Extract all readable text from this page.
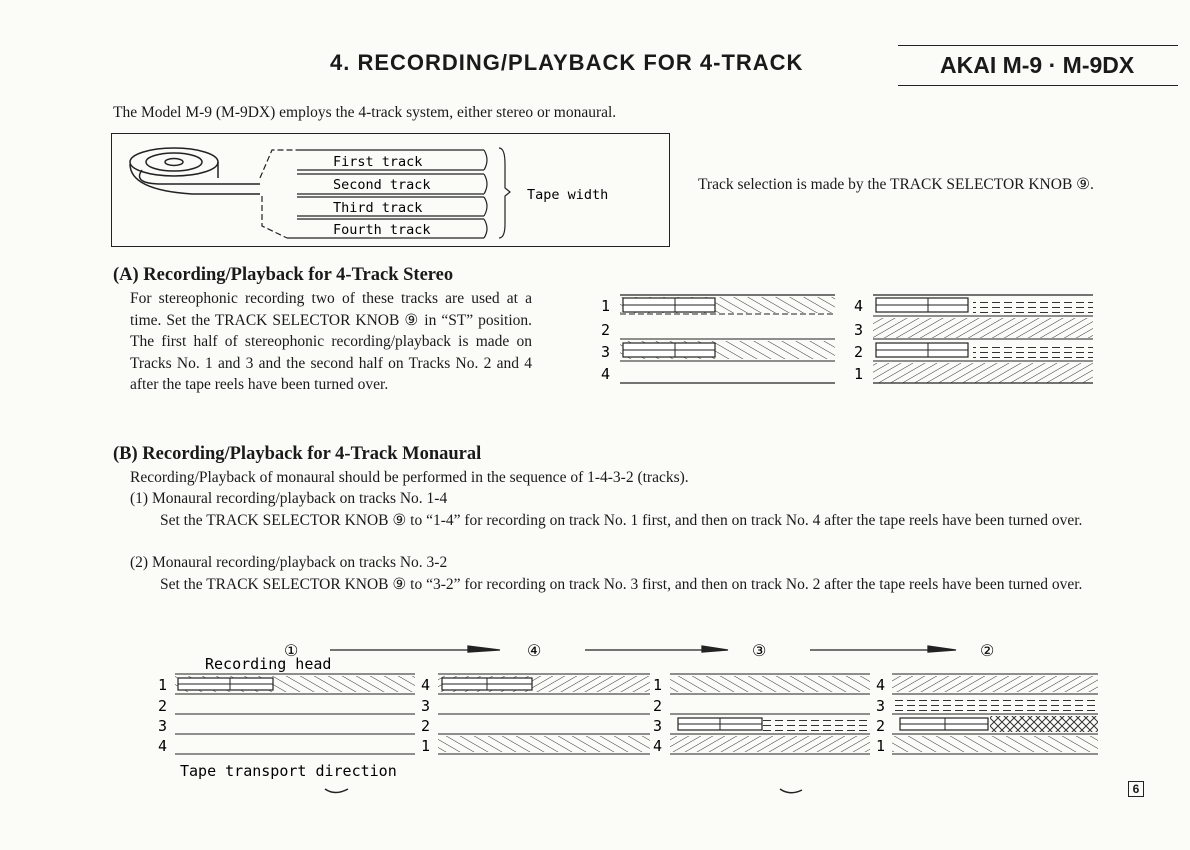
4. RECORDING/PLAYBACK FOR 4-TRACK	AKAI M-9 · M-9DX
The Model M-9 (M-9DX) employs the 4-track system, either stereo or monaural.
First track
Second track
Third track
Fourth track
Tape width
Track selection is made by the TRACK SELECTOR KNOB ⑨.
(A) Recording/Playback for 4-Track Stereo
For stereophonic recording two of these tracks are used at a time. Set the TRACK SELECTOR KNOB ⑨ in “ST” position. The first half of stereophonic recording/playback is made on Tracks No. 1 and 3 and the second half on Tracks No. 2 and 4 after the tape reels have been turned over.
1
2
3
4
4
3
2
1
(B) Recording/Playback for 4-Track Monaural
Recording/Playback of monaural should be performed in the sequence of 1-4-3-2 (tracks).
(1) Monaural recording/playback on tracks No. 1-4
Set the TRACK SELECTOR KNOB ⑨ to “1-4” for recording on track No. 1 first, and then on track No. 4 after the tape reels have been turned over.
(2) Monaural recording/playback on tracks No. 3-2
Set the TRACK SELECTOR KNOB ⑨ to “3-2” for recording on track No. 3 first, and then on track No. 2 after the tape reels have been turned over.
①	④	③	②
Recording head
1
2
3
4
4
3
2
1
1
2
3
4
4
3
2
1
Tape transport direction
6
